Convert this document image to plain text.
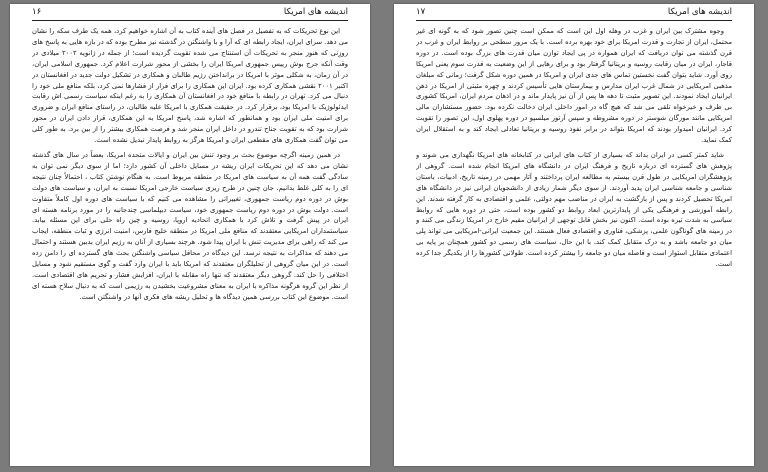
اندیشه های امریکا
۱۶

این نوع تحریکات که به تفصیل در فصل های آینده کتاب به آن اشاره خواهیم کرد، همه یک طرف سکه را نشان می دهد. سرای ایران، ایجاد رابطه ای که آرا و با واشنگتن در گذشته نیز مطرح بوده که در بازه هایی به پاسخ های روزِنی که هنوز منجر به تحریکات آن استنتاج می شده تقویت گردیده است؛ از جمله در ژانویه ۲۰۰۲ میلادی در وقت آنکه جرج بوش رییس جمهوری امریکا ایران را بخشی از محور شرارت اعلام کرد. جمهوری اسلامی ایران، در آن زمان، به شکلی موثر با امریکا در برانداختن رژیم طالبان و همکاری در تشکیل دولت جدید در افغانستان در اکتبر ۲۰۰۱ نقشی همکاری کرده بود. ایران این همکاری را برای فرار از فشارها نمی کرد، بلکه منافع ملی خود را دنبال می کرد. تهران در رابطه با منافع خود در افغانستان آن همکاری را به رغم اینکه سیاست رسمی اش رقابت ایدئولوژیک با امریکا بود، برقرار کرد. در حقیقت همکاری با امریکا علیه طالبان، در راستای منافع ایران و ضروری برای امنیت ملی ایران بود و همانطور که اشاره شد، پاسخ امریکا به این همکاری، قرار دادن ایران در محور شرارت بود که به تقویت جناح تندرو در داخل ایران منجر شد و فرصت همکاری بیشتر را از بین برد. به طور کلی می توان گفت همکاری های مقطعی ایران و امریکا هرگز به روابط پایدار تبدیل نشده است.

در همین زمینه اگرچه موضوع بحث بر وجود تنش بین ایران و ایالات متحده امریکا، بعضاً در سال های گذشته نشان می دهد که این تحریکات ایران ریشه در مسایل داخلی آن کشور دارد؛ اما از سوی دیگر نمی توان به سادگی گفت همه آن به سیاست های امریکا در منطقه مربوط است. به هنگام نوشتن کتاب ، احتمالاً چنان نتیجه ای را به کلی غلط بدانیم. جان چنین در طرح ریزی سیاست خارجی امریکا نسبت به ایران، و سیاست های دولت بوش در دوره دوم ریاست جمهوری، تغییراتی را مشاهده می کنیم که با سیاست های دوره اول کاملاً متفاوت است. دولت بوش در دوره دوم ریاست جمهوری خود، سیاست دیپلماسی چندجانبه را در مورد برنامه هسته ای ایران در پیش گرفت و تلاش کرد با همکاری اتحادیه اروپا، روسیه و چین راه حلی برای این مسئله بیابد. سیاستمداران امریکایی معتقدند که منافع ملی امریکا در منطقه خلیج فارس، امنیت انرژی و ثبات منطقه، ایجاب می کند که راهی برای مدیریت تنش با ایران پیدا شود. هرچند بسیاری از آنان به رژیم ایران بدبین هستند و احتمال می دهند که مذاکرات به نتیجه نرسد. این دیدگاه در محافل سیاسی واشنگتن بحث های گسترده ای را دامن زده است. در این میان گروهی از تحلیلگران معتقدند که امریکا باید با ایران وارد گفت و گوی مستقیم شود و مسایل اختلافی را حل کند. گروهی دیگر معتقدند که تنها راه مقابله با ایران، افزایش فشار و تحریم های اقتصادی است. از نظر این گروه هرگونه مذاکره با ایران به معنای مشروعیت بخشیدن به رژیمی است که به دنبال سلاح هسته ای است. موضوع این کتاب بررسی همین دیدگاه ها و تحلیل ریشه های فکری آنها در واشنگتن است.

اندیشه های امریکا
۱۷

وجوه مشترک بین ایران و غرب در وهله اول این است که ممکن است چنین تصور شود که به گونه ای غیر محتمل، ایران از تجارت و قدرت امریکا برای خود بهره برده است. با یک مرور سطحی بر روابط ایران و غرب در قرن گذشته می توان دریافت که ایران همواره در پی ایجاد توازن میان قدرت های بزرگ بوده است. در دوره قاجار، ایران در میان رقابت روسیه و بریتانیا گرفتار بود و برای رهایی از این وضعیت به قدرت سوم یعنی امریکا روی آورد. شاید بتوان گفت نخستین تماس های جدی ایران و امریکا در همین دوره شکل گرفت؛ زمانی که مبلغان مذهبی امریکایی در شمال غرب ایران مدارس و بیمارستان هایی تأسیس کردند و چهره مثبتی از امریکا در ذهن ایرانیان ایجاد نمودند. این تصویر مثبت تا دهه ها پس از آن نیز پایدار ماند و در اذهان مردم ایران، امریکا کشوری بی طرف و خیرخواه تلقی می شد که هیچ گاه در امور داخلی ایران دخالت نکرده بود. حضور مستشاران مالی امریکایی مانند مورگان شوستر در دوره مشروطه و سپس آرتور میلسپو در دوره پهلوی اول، این تصور را تقویت کرد. ایرانیان امیدوار بودند که امریکا بتواند در برابر نفوذ روسیه و بریتانیا تعادلی ایجاد کند و به استقلال ایران کمک نماید.

شاید کمتر کسی در ایران بداند که بسیاری از کتاب های ایرانی در کتابخانه های امریکا نگهداری می شوند و پژوهش های گسترده ای درباره تاریخ و فرهنگ ایران در دانشگاه های امریکا انجام شده است. گروهی از پژوهشگران امریکایی در طول قرن بیستم به مطالعه ایران پرداختند و آثار مهمی در زمینه تاریخ، ادبیات، باستان شناسی و جامعه شناسی ایران پدید آوردند. از سوی دیگر شمار زیادی از دانشجویان ایرانی نیز در دانشگاه های امریکا تحصیل کردند و پس از بازگشت به ایران در مناصب مهم دولتی، علمی و اقتصادی به کار گرفته شدند. این رابطه آموزشی و فرهنگی یکی از پایدارترین ابعاد روابط دو کشور بوده است، حتی در دوره هایی که روابط سیاسی به شدت تیره بوده است. اکنون نیز بخش قابل توجهی از ایرانیان مقیم خارج در امریکا زندگی می کنند و در زمینه های گوناگون علمی، پزشکی، فناوری و اقتصادی فعال هستند. این جمعیت ایرانی-امریکایی می تواند پلی میان دو جامعه باشد و به درک متقابل کمک کند. با این حال، سیاست های رسمی دو کشور همچنان بر پایه بی اعتمادی متقابل استوار است و فاصله میان دو جامعه را بیشتر کرده است. طولانی کشورها را از یکدیگر جدا کرده است.
